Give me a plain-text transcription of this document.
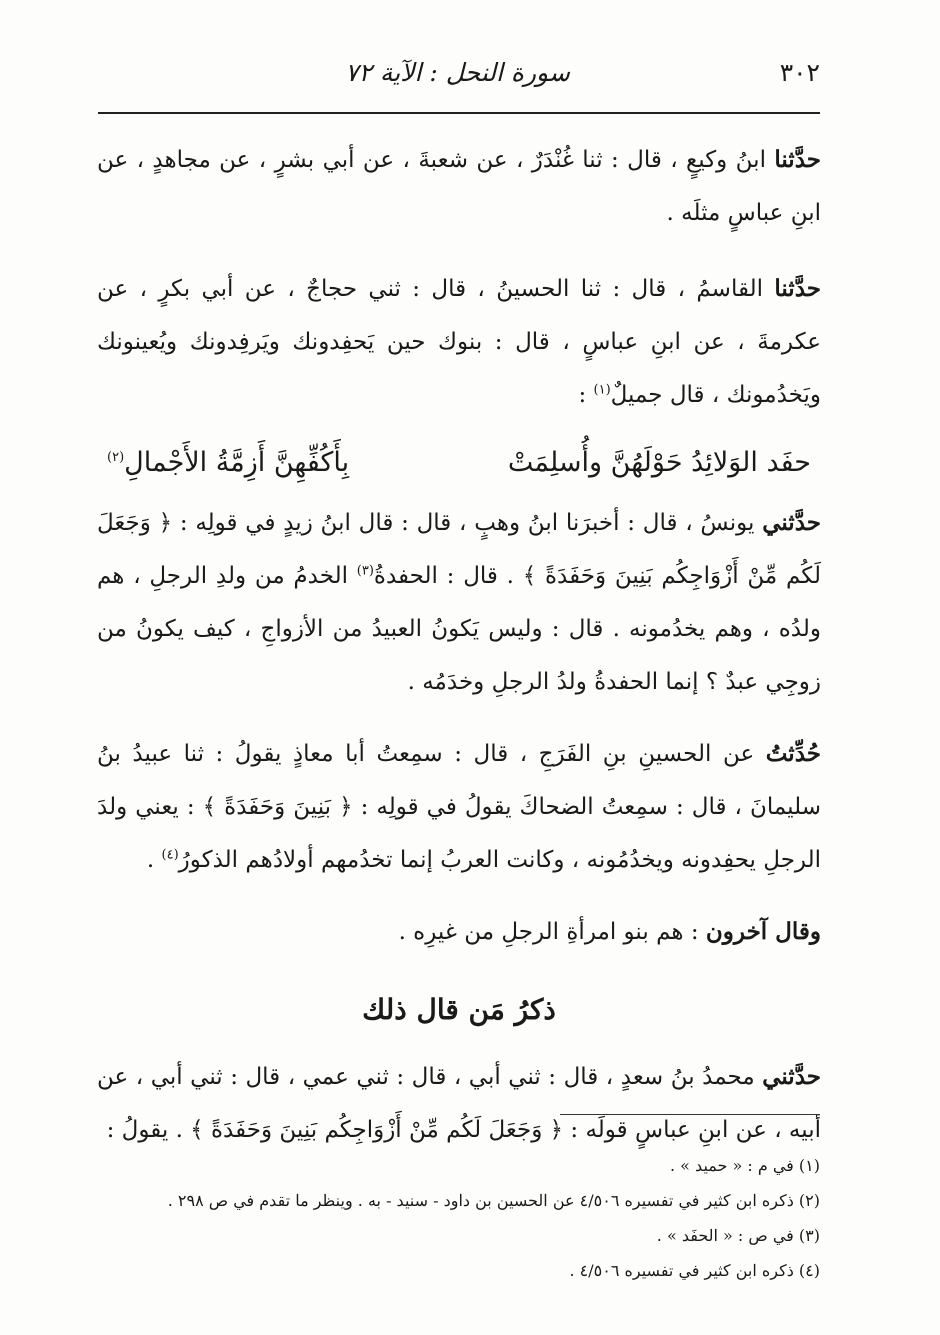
٣٠٢
سورة النحل : الآية ٧٢

حدَّثنا ابنُ وكيعٍ ، قال : ثنا غُنْدَرٌ ، عن شعبةَ ، عن أبي بشرٍ ، عن مجاهدٍ ، عن ابنِ عباسٍ مثلَه .

حدَّثنا القاسمُ ، قال : ثنا الحسينُ ، قال : ثني حجاجٌ ، عن أبي بكرٍ ، عن عكرمةَ ، عن ابنِ عباسٍ ، قال : بنوك حين يَحفِدونك ويَرفِدونك ويُعينونك ويَخدُمونك ، قال جميلٌ$^{(١)}$ :

حفَد الوَلائِدُ حَوْلَهُنَّ وأُسلِمَتْ
بِأَكُفِّهِنَّ أَزِمَّةُ الأَجْمالِ$^{(٢)}$

حدَّثني يونسُ ، قال : أخبرَنا ابنُ وهبٍ ، قال : قال ابنُ زيدٍ في قولِه : ﴿ وَجَعَلَ لَكُم مِّنْ أَزْوَاجِكُم بَنِينَ وَحَفَدَةً ﴾ . قال : الحفدةُ$^{(٣)}$ الخدمُ من ولدِ الرجلِ ، هم ولدُه ، وهم يخدُمونه . قال : وليس يَكونُ العبيدُ من الأزواجِ ، كيف يكونُ من زوجِي عبدٌ ؟ إنما الحفدةُ ولدُ الرجلِ وخدَمُه .

حُدِّثتُ عن الحسينِ بنِ الفَرَجِ ، قال : سمِعتُ أبا معاذٍ يقولُ : ثنا عبيدُ بنُ سليمانَ ، قال : سمِعتُ الضحاكَ يقولُ في قولِه : ﴿ بَنِينَ وَحَفَدَةً ﴾ : يعني ولدَ الرجلِ يحفِدونه ويخدُمُونه ، وكانت العربُ إنما تخدُمهم أولادُهم الذكورُ$^{(٤)}$ .

وقال آخرون : هم بنو امرأةِ الرجلِ من غيرِه .

ذكرُ مَن قال ذلك

حدَّثني محمدُ بنُ سعدٍ ، قال : ثني أبي ، قال : ثني عمي ، قال : ثني أبي ، عن أبيه ، عن ابنِ عباسٍ قولَه : ﴿ وَجَعَلَ لَكُم مِّنْ أَزْوَاجِكُم بَنِينَ وَحَفَدَةً ﴾ . يقولُ :

(١) في م : « حميد » .
(٢) ذكره ابن كثير في تفسيره ٤/٥٠٦ عن الحسين بن داود - سنيد - به . وينظر ما تقدم في ص ٢٩٨ .
(٣) في ص : « الحفَد » .
(٤) ذكره ابن كثير في تفسيره ٤/٥٠٦ .
